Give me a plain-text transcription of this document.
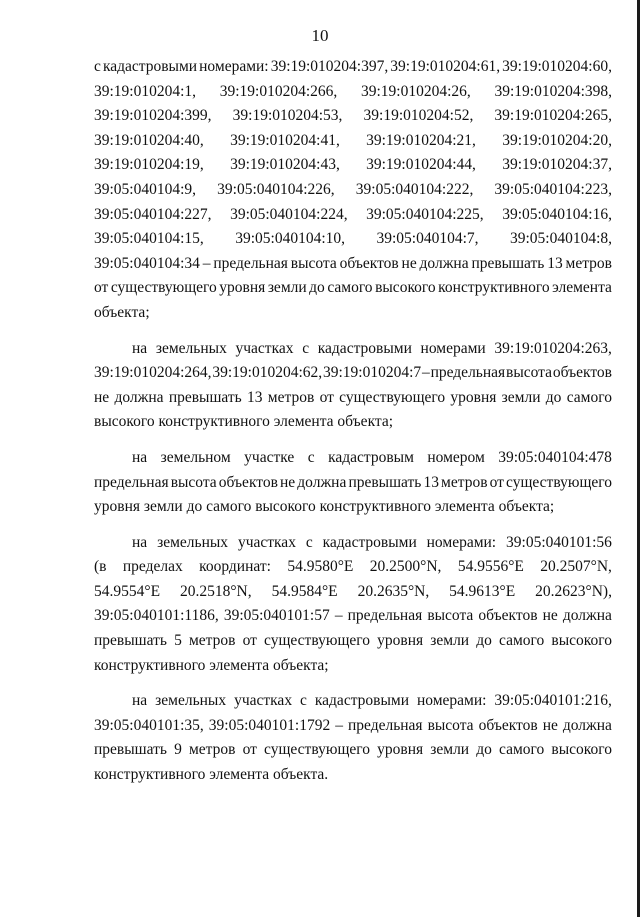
10
с кадастровыми номерами: 39:19:010204:397, 39:19:010204:61, 39:19:010204:60,
39:19:010204:1, 39:19:010204:266, 39:19:010204:26, 39:19:010204:398,
39:19:010204:399, 39:19:010204:53, 39:19:010204:52, 39:19:010204:265,
39:19:010204:40, 39:19:010204:41, 39:19:010204:21, 39:19:010204:20,
39:19:010204:19, 39:19:010204:43, 39:19:010204:44, 39:19:010204:37,
39:05:040104:9, 39:05:040104:226, 39:05:040104:222, 39:05:040104:223,
39:05:040104:227, 39:05:040104:224, 39:05:040104:225, 39:05:040104:16,
39:05:040104:15, 39:05:040104:10, 39:05:040104:7, 39:05:040104:8,
39:05:040104:34 – предельная высота объектов не должна превышать 13 метров
от существующего уровня земли до самого высокого конструктивного элемента
объекта;
на земельных участках с кадастровыми номерами 39:19:010204:263,
39:19:010204:264, 39:19:010204:62, 39:19:010204:7 – предельная высота объектов
не должна превышать 13 метров от существующего уровня земли до самого
высокого конструктивного элемента объекта;
на земельном участке с кадастровым номером 39:05:040104:478
предельная высота объектов не должна превышать 13 метров от существующего
уровня земли до самого высокого конструктивного элемента объекта;
на земельных участках с кадастровыми номерами: 39:05:040101:56
(в пределах координат: 54.9580°E 20.2500°N, 54.9556°E 20.2507°N,
54.9554°E 20.2518°N, 54.9584°E 20.2635°N, 54.9613°E 20.2623°N),
39:05:040101:1186, 39:05:040101:57 – предельная высота объектов не должна
превышать 5 метров от существующего уровня земли до самого высокого
конструктивного элемента объекта;
на земельных участках с кадастровыми номерами: 39:05:040101:216,
39:05:040101:35, 39:05:040101:1792 – предельная высота объектов не должна
превышать 9 метров от существующего уровня земли до самого высокого
конструктивного элемента объекта.
